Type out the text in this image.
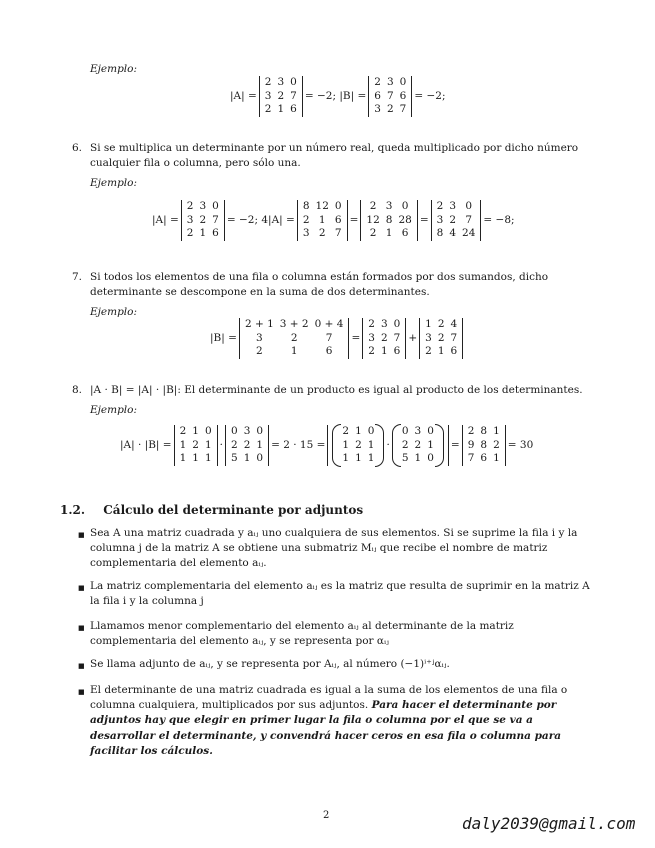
Ejemplo:
|A| =
2	3	0
3	2	7
2	1	6
= −2; |B| =
2	3	0
6	7	6
3	2	7
= −2;
6. Si se multiplica un determinante por un número real, queda multiplicado por dicho número cualquier fila o columna, pero sólo una.
Ejemplo:
|A| =
2	3	0
3	2	7
2	1	6
= −2; 4|A| =
8	12	0
2	1	6
3	2	7
=
2	3	0
12	8	28
2	1	6
=
2	3	0
3	2	7
8	4	24
= −8;
7. Si todos los elementos de una fila o columna están formados por dos sumandos, dicho determinante se descompone en la suma de dos determinantes.
Ejemplo:
|B| =
2 + 1	3 + 2	0 + 4
3	2	7
2	1	6
=
2	3	0
3	2	7
2	1	6
+
1	2	4
3	2	7
2	1	6
8. |A · B| = |A| · |B|: El determinante de un producto es igual al producto de los determinantes.
Ejemplo:
|A| · |B| =
2	1	0
1	2	1
1	1	1
·
0	3	0
2	2	1
5	1	0
= 2 · 15 =
2	1	0
1	2	1
1	1	1
·
0	3	0
2	2	1
5	1	0
=
2	8	1
9	8	2
7	6	1
= 30
1.2. Cálculo del determinante por adjuntos
■ Sea A una matriz cuadrada y aᵢⱼ uno cualquiera de sus elementos. Si se suprime la fila i y la columna j de la matriz A se obtiene una submatriz Mᵢⱼ que recibe el nombre de matriz complementaria del elemento aᵢⱼ.
■ La matriz complementaria del elemento aᵢⱼ es la matriz que resulta de suprimir en la matriz A la fila i y la columna j
■ Llamamos menor complementario del elemento aᵢⱼ al determinante de la matriz complementaria del elemento aᵢⱼ, y se representa por αᵢⱼ
■ Se llama adjunto de aᵢⱼ, y se representa por Aᵢⱼ, al número (−1)ⁱ⁺ʲαᵢⱼ.
■ El determinante de una matriz cuadrada es igual a la suma de los elementos de una fila o columna cualquiera, multiplicados por sus adjuntos. Para hacer el determinante por adjuntos hay que elegir en primer lugar la fila o columna por el que se va a desarrollar el determinante, y convendrá hacer ceros en esa fila o columna para facilitar los cálculos.
2	daly2039@gmail.com
